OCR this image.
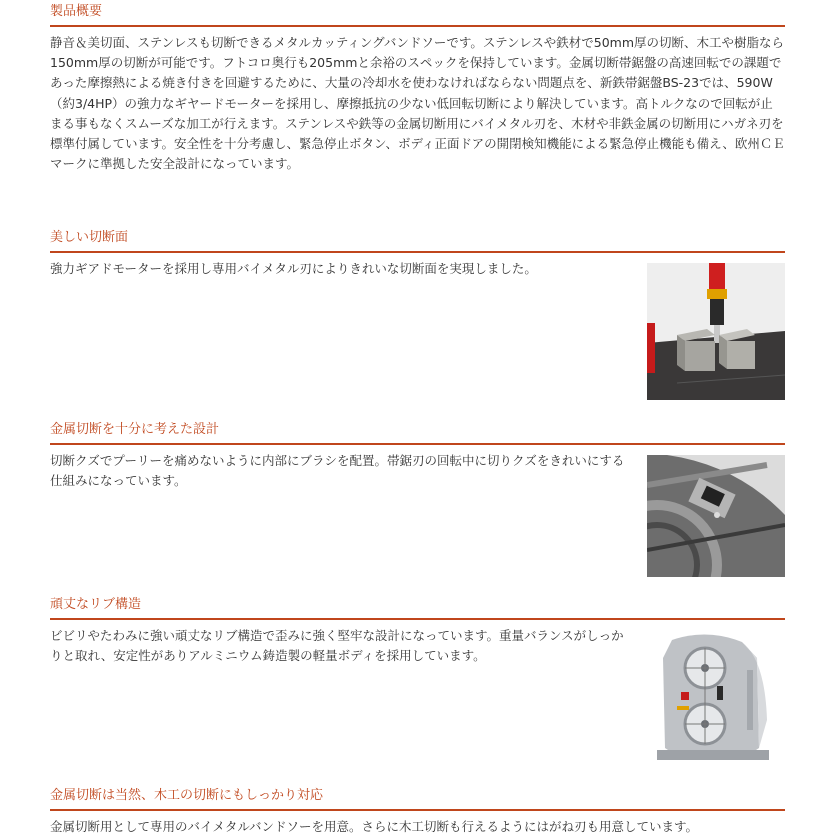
製品概要
静音＆美切面、ステンレスも切断できるメタルカッティングバンドソーです。ステンレスや鉄材で50mm厚の切断、木工や樹脂なら150mm厚の切断が可能です。フトコロ奥行も205mmと余裕のスペックを保持しています。金属切断帯鋸盤の高速回転での課題であった摩擦熱による焼き付きを回避するために、大量の冷却水を使わなければならない問題点を、新鉄帯鋸盤BS-23では、590W（約3/4HP）の強力なギヤードモーターを採用し、摩擦抵抗の少ない低回転切断により解決しています。高トルクなので回転が止まる事もなくスムーズな加工が行えます。ステンレスや鉄等の金属切断用にバイメタル刃を、木材や非鉄金属の切断用にハガネ刃を標準付属しています。安全性を十分考慮し、緊急停止ボタン、ボディ正面ドアの開閉検知機能による緊急停止機能も備え、欧州ＣＥマークに準拠した安全設計になっています。
美しい切断面
強力ギアドモーターを採用し専用バイメタル刃によりきれいな切断面を実現しました。
金属切断を十分に考えた設計
切断クズでプーリーを痛めないように内部にブラシを配置。帯鋸刃の回転中に切りクズをきれいにする仕組みになっています。
頑丈なリブ構造
ビビリやたわみに強い頑丈なリブ構造で歪みに強く堅牢な設計になっています。重量バランスがしっかりと取れ、安定性がありアルミニウム鋳造製の軽量ボディを採用しています。
金属切断は当然、木工の切断にもしっかり対応
金属切断用として専用のバイメタルバンドソーを用意。さらに木工切断も行えるようにはがね刃も用意しています。
